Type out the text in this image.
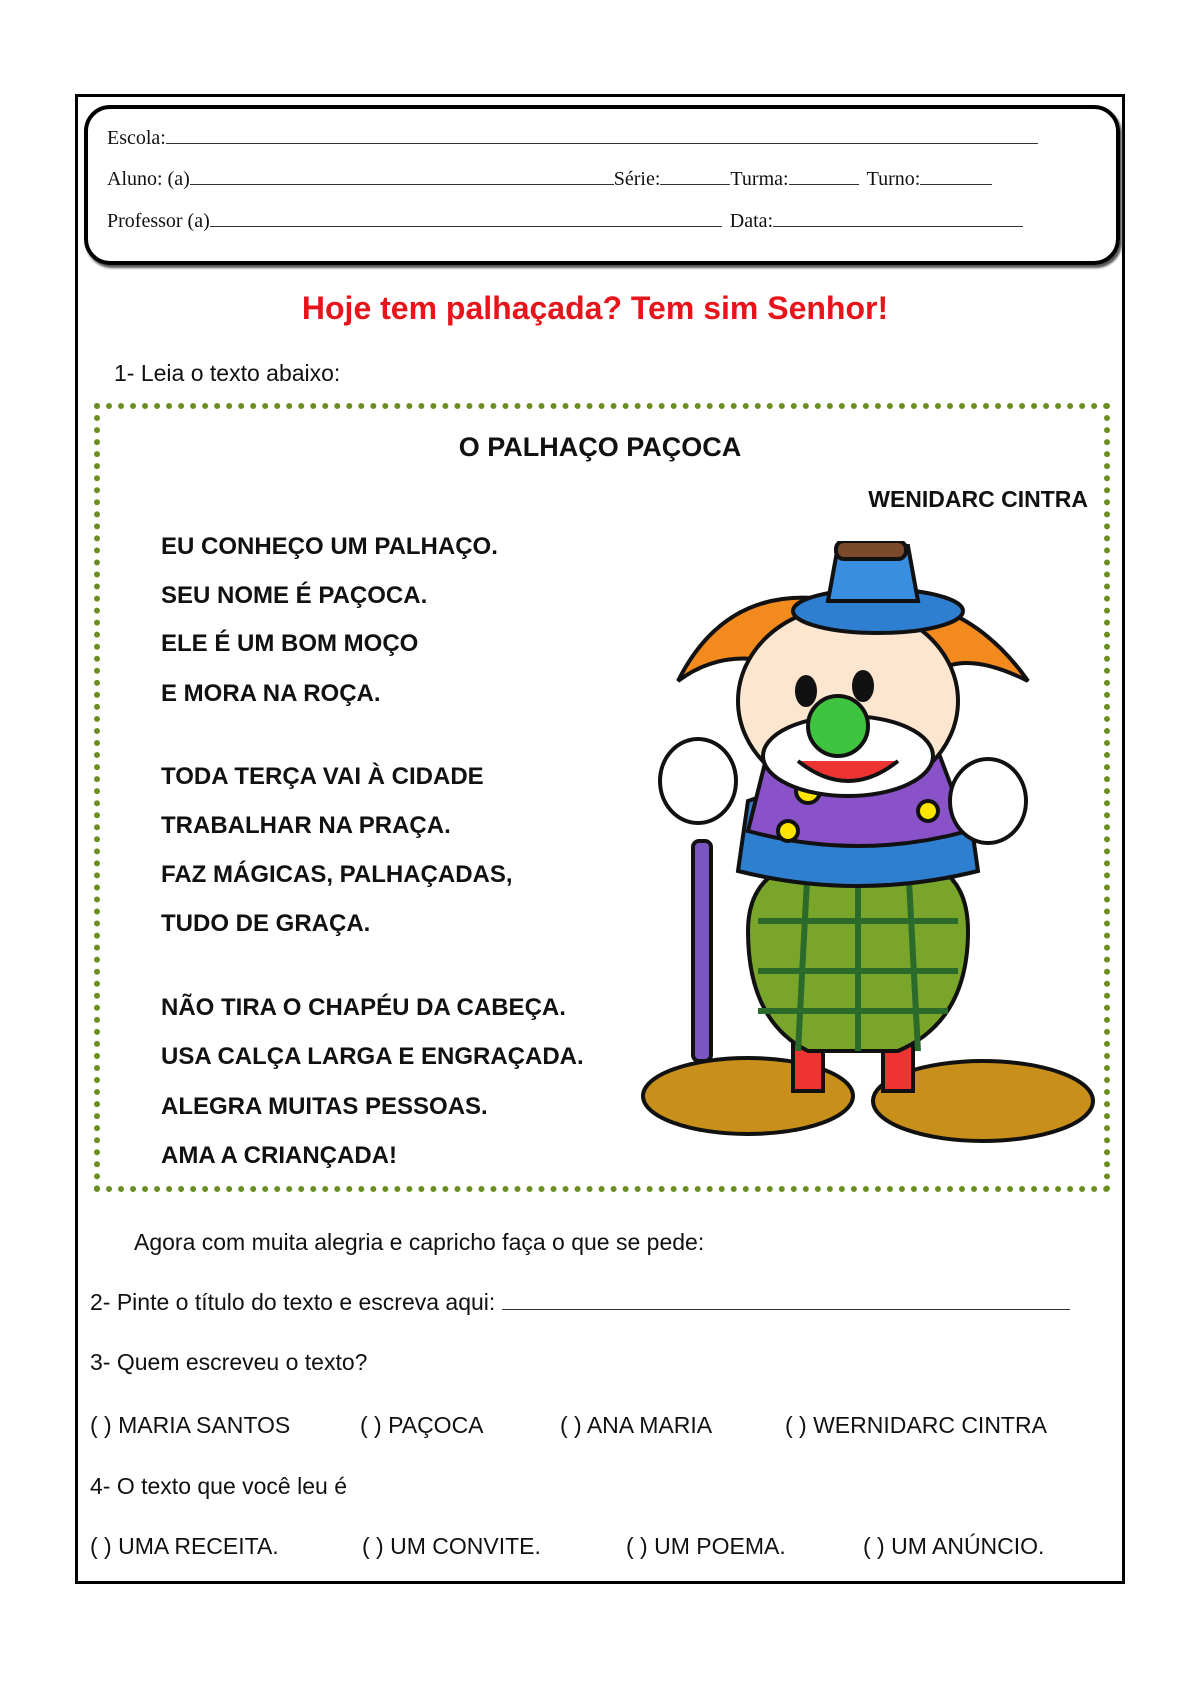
Escola:
Aluno: (a)	Série:	Turma:	Turno:
Professor (a)	Data:
Hoje tem palhaçada? Tem sim Senhor!
1- Leia o texto abaixo:
O PALHAÇO PAÇOCA
WENIDARC CINTRA
EU CONHEÇO UM PALHAÇO.
SEU NOME É PAÇOCA.
ELE É UM BOM MOÇO
E MORA NA ROÇA.
TODA TERÇA VAI À CIDADE
TRABALHAR NA PRAÇA.
FAZ MÁGICAS, PALHAÇADAS,
TUDO DE GRAÇA.
NÃO TIRA O CHAPÉU DA CABEÇA.
USA CALÇA LARGA E ENGRAÇADA.
ALEGRA MUITAS PESSOAS.
AMA A CRIANÇADA!
Agora com muita alegria e capricho faça o que se pede:
2- Pinte o título do texto e escreva aqui:
3- Quem escreveu o texto?
( ) MARIA SANTOS	( ) PAÇOCA	( ) ANA MARIA	( ) WERNIDARC CINTRA
4- O texto que você leu é
( ) UMA RECEITA.	( ) UM CONVITE.	( ) UM POEMA.	( ) UM ANÚNCIO.
